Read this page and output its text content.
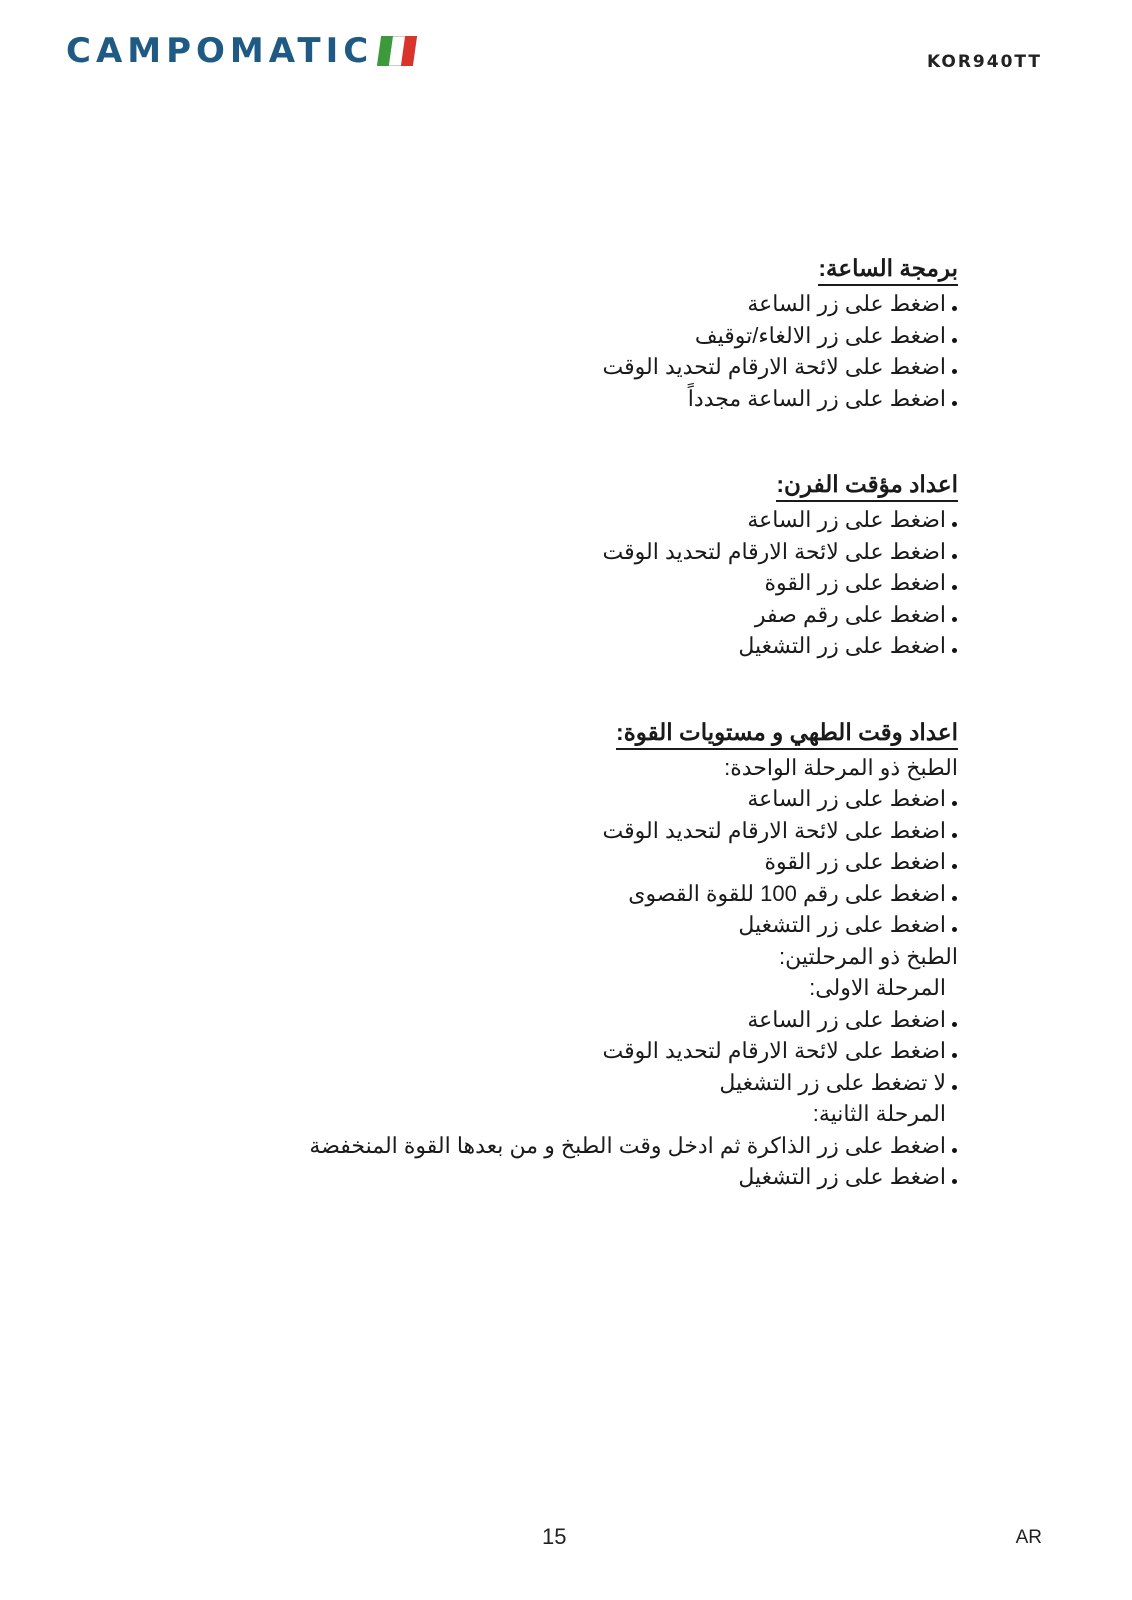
CAMPOMATIC	KOR940TT
برمجة الساعة:
اضغط على زر الساعة
اضغط على زر الالغاء/توقيف
اضغط على لائحة الارقام لتحديد الوقت
اضغط على زر الساعة مجدداً
اعداد مؤقت الفرن:
اضغط على زر الساعة
اضغط على لائحة الارقام لتحديد الوقت
اضغط على زر القوة
اضغط على رقم صفر
اضغط على زر التشغيل
اعداد وقت الطهي و مستويات القوة:
الطبخ ذو المرحلة الواحدة:
اضغط على زر الساعة
اضغط على لائحة الارقام لتحديد الوقت
اضغط على زر القوة
اضغط على رقم 100 للقوة القصوى
اضغط على زر التشغيل
الطبخ ذو المرحلتين:
المرحلة الاولى:
اضغط على زر الساعة
اضغط على لائحة الارقام لتحديد الوقت
لا تضغط على زر التشغيل
المرحلة الثانية:
اضغط على زر الذاكرة ثم ادخل وقت الطبخ و من بعدها القوة المنخفضة
اضغط على زر التشغيل
15	AR
